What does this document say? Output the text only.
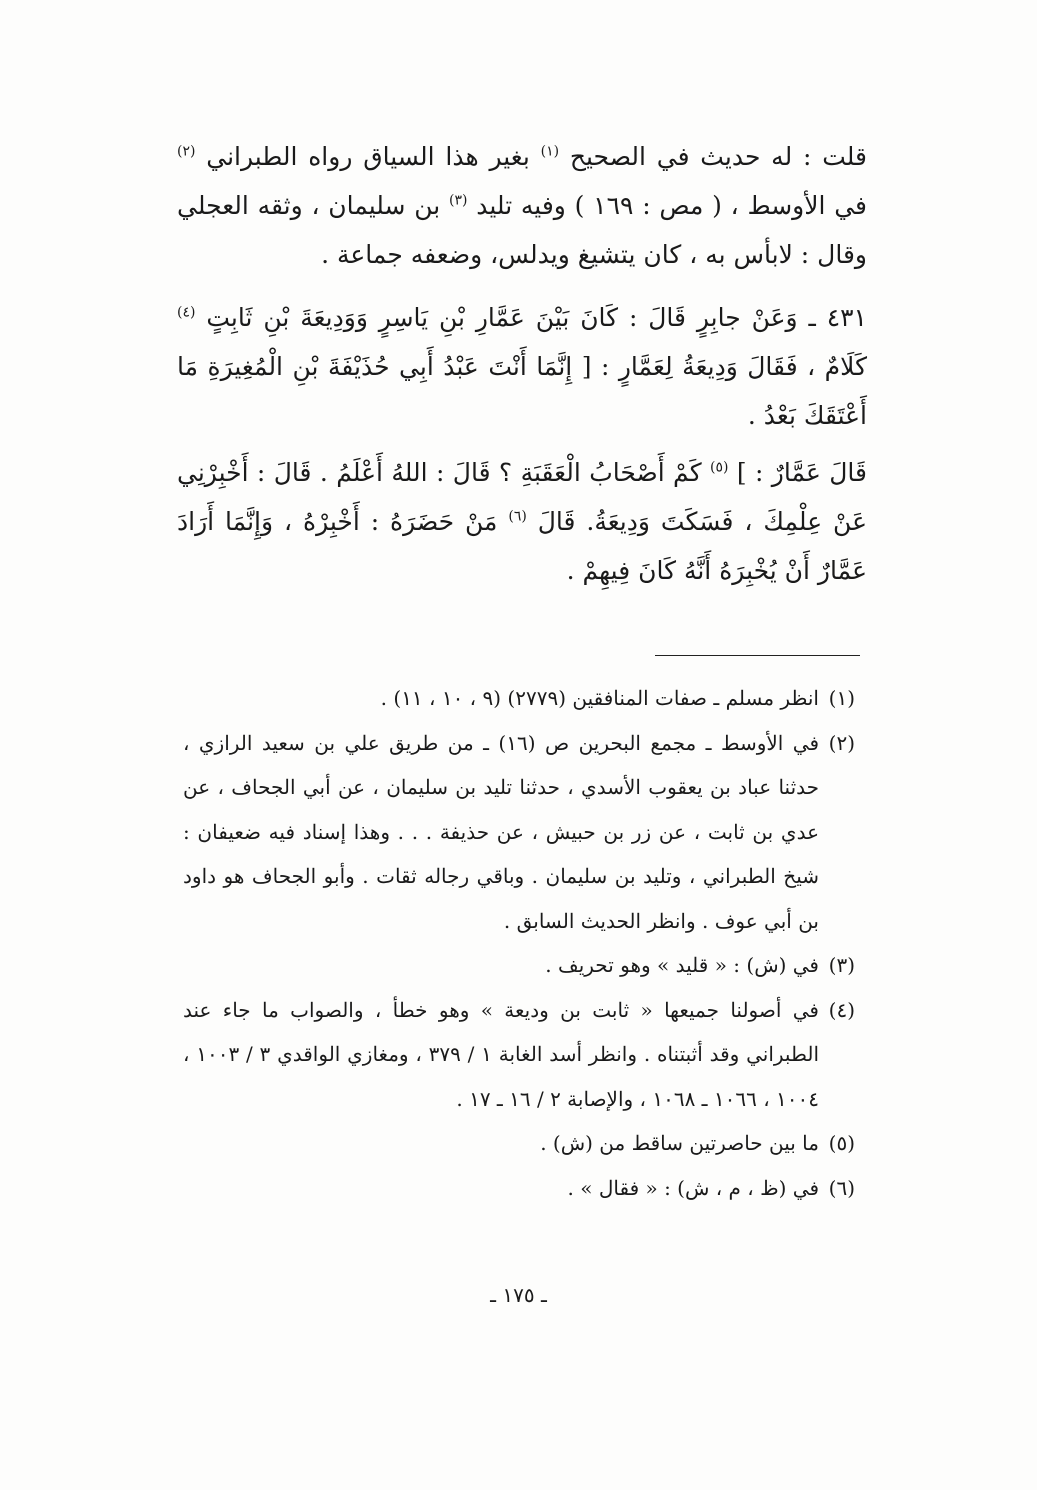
قلت : له حديث في الصحيح $^{(١)}$ بغير هذا السياق رواه الطبراني $^{(٢)}$ في الأوسط ، ( مص : ١٦٩ ) وفيه تليد $^{(٣)}$ بن سليمان ، وثقه العجلي وقال : لابأس به ، كان يتشيغ ويدلس، وضعفه جماعة .

٤٣١ ـ وَعَنْ جابِرٍ قَالَ : كَانَ بَيْنَ عَمَّارِ بْنِ يَاسِرٍ وَوَدِيعَةَ بْنِ ثَابِتٍ $^{(٤)}$ كَلَامٌ ، فَقَالَ وَدِيعَةُ لِعَمَّارٍ : [ إِنَّمَا أَنْتَ عَبْدُ أَبِي حُذَيْفَةَ بْنِ الْمُغِيرَةِ مَا أَعْتَقَكَ بَعْدُ .

قَالَ عَمَّارٌ : ] $^{(٥)}$ كَمْ أَصْحَابُ الْعَقَبَةِ ؟ قَالَ : اللهُ أَعْلَمُ . قَالَ : أَخْبِرْنِي عَنْ عِلْمِكَ ، فَسَكَتَ وَدِيعَةُ. قَالَ $^{(٦)}$ مَنْ حَضَرَهُ : أَخْبِرْهُ ، وَإِنَّمَا أَرَادَ عَمَّارٌ أَنْ يُخْبِرَهُ أَنَّهُ كَانَ فِيهِمْ .

(١)
انظر مسلم ـ صفات المنافقين (٢٧٧٩) (٩ ، ١٠ ، ١١) .
(٢)
في الأوسط ـ مجمع البحرين ص (١٦) ـ من طريق علي بن سعيد الرازي ، حدثنا عباد بن يعقوب الأسدي ، حدثنا تليد بن سليمان ، عن أبي الجحاف ، عن عدي بن ثابت ، عن زر بن حبيش ، عن حذيفة . . . وهذا إسناد فيه ضعيفان : شيخ الطبراني ، وتليد بن سليمان . وباقي رجاله ثقات . وأبو الجحاف هو داود بن أبي عوف . وانظر الحديث السابق .
(٣)
في (ش) : « قليد » وهو تحريف .
(٤)
في أصولنا جميعها « ثابت بن وديعة » وهو خطأ ، والصواب ما جاء عند الطبراني وقد أثبتناه . وانظر أسد الغابة ١ / ٣٧٩ ، ومغازي الواقدي ٣ / ١٠٠٣ ، ١٠٠٤ ، ١٠٦٦ ـ ١٠٦٨ ، والإصابة ٢ / ١٦ ـ ١٧ .
(٥)
ما بين حاصرتين ساقط من (ش) .
(٦)
في (ظ ، م ، ش) : « فقال » .
ـ ١٧٥ ـ
